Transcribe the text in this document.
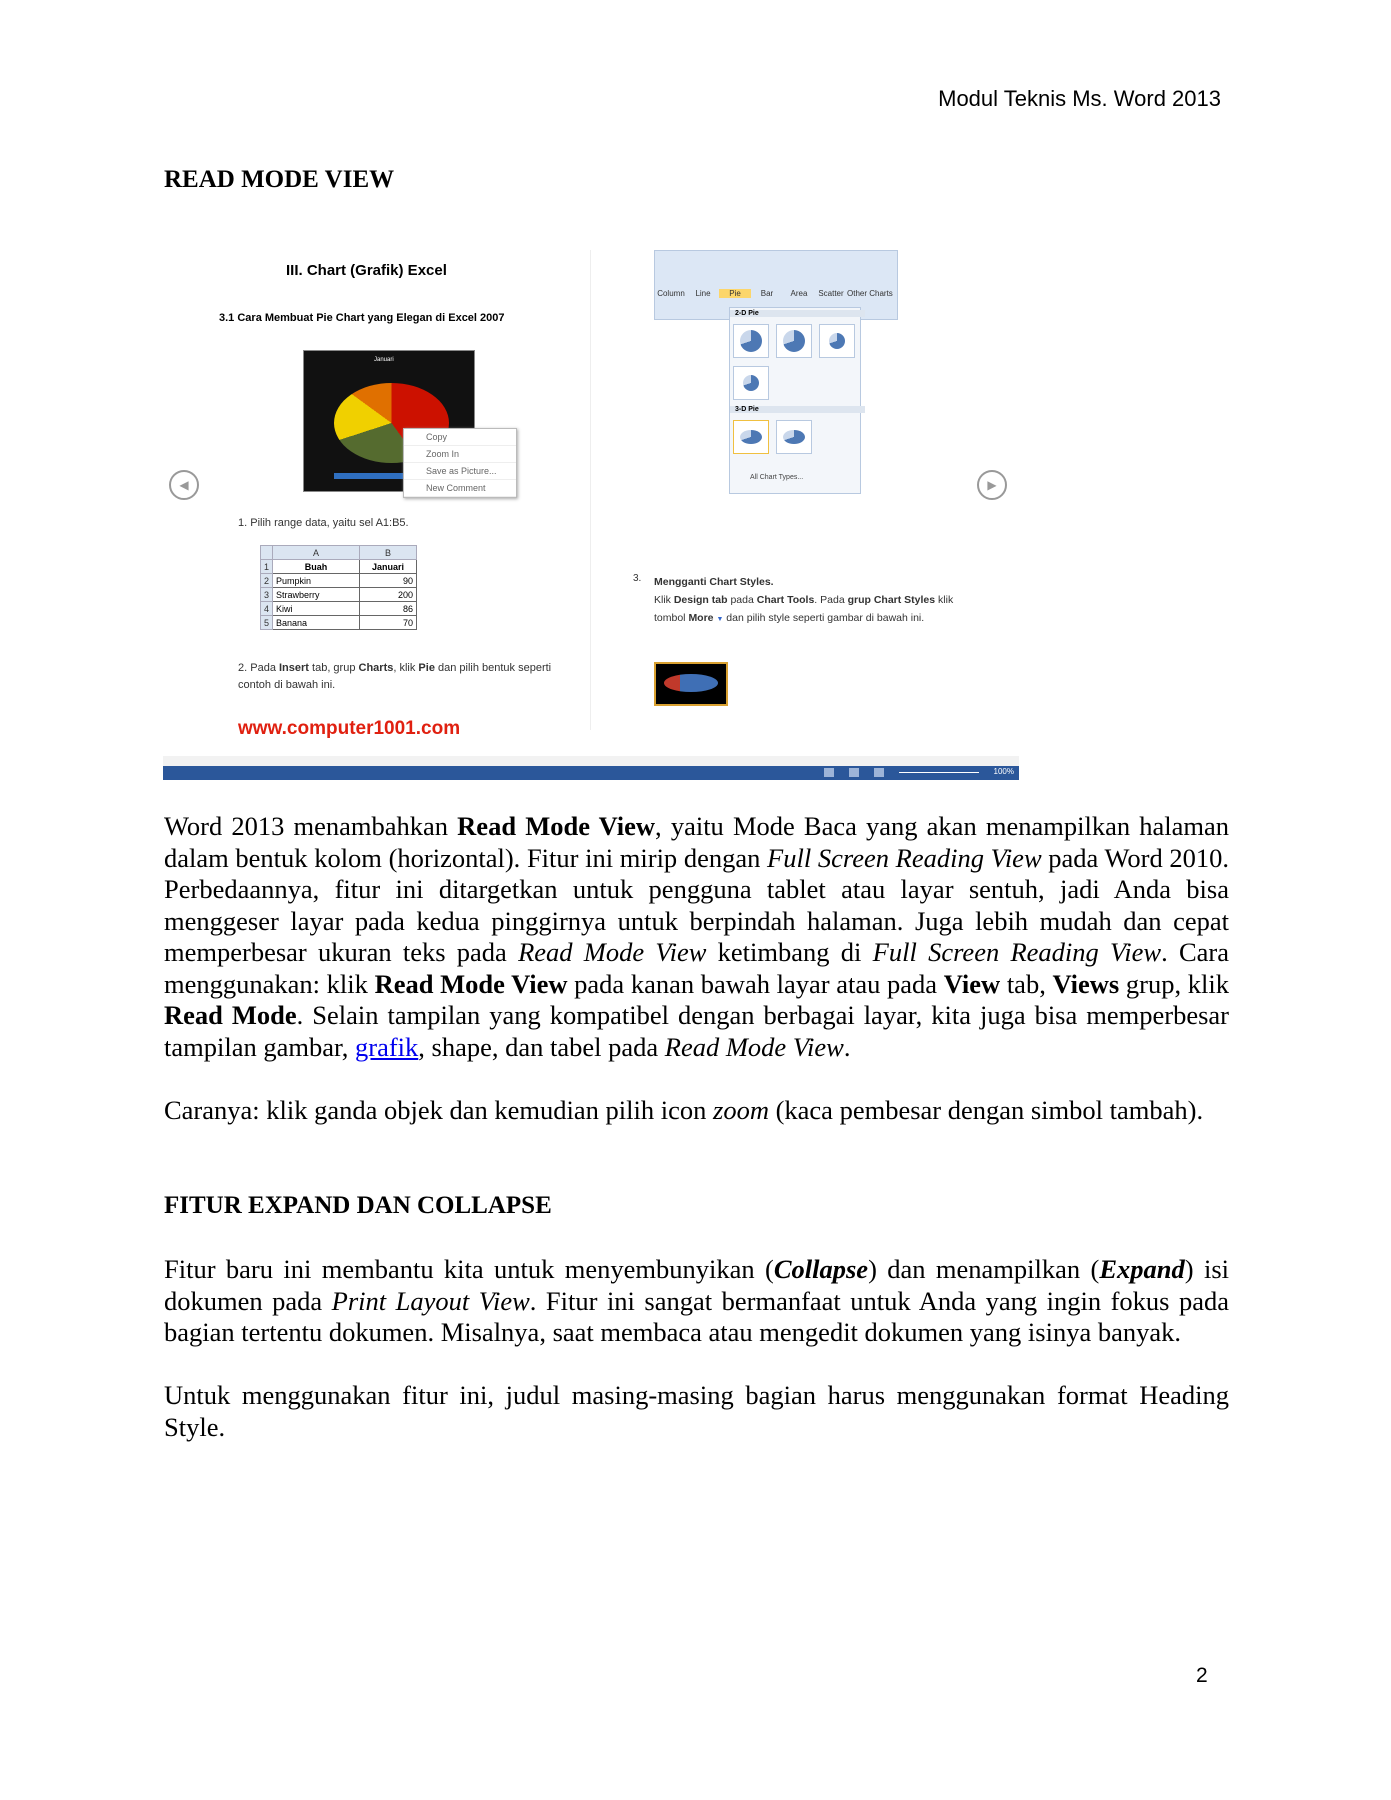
Modul Teknis Ms. Word 2013
READ MODE VIEW
III. Chart (Grafik) Excel
3.1 Cara Membuat Pie Chart yang Elegan di Excel 2007
Januari
Copy
Zoom In
Save as Picture...
New Comment
◀	▶
1. Pilih range data, yaitu sel A1:B5.
	A	B
1	Buah	Januari
2	Pumpkin	90
3	Strawberry	200
4	Kiwi	86
5	Banana	70
2. Pada Insert tab, grup Charts, klik Pie dan pilih bentuk seperti contoh di bawah ini.
www.computer1001.com
Column Line Pie Bar Area Scatter Other Charts
2-D Pie
3-D Pie
All Chart Types...
3. Mengganti Chart Styles.
Klik Design tab pada Chart Tools. Pada grup Chart Styles klik tombol More ▼ dan pilih style seperti gambar di bawah ini.
100%
Word 2013 menambahkan Read Mode View, yaitu Mode Baca yang akan menampilkan halaman dalam bentuk kolom (horizontal). Fitur ini mirip dengan Full Screen Reading View pada Word 2010. Perbedaannya, fitur ini ditargetkan untuk pengguna tablet atau layar sentuh, jadi Anda bisa menggeser layar pada kedua pinggirnya untuk berpindah halaman. Juga lebih mudah dan cepat memperbesar ukuran teks pada Read Mode View ketimbang di Full Screen Reading View. Cara menggunakan: klik Read Mode View pada kanan bawah layar atau pada View tab, Views grup, klik Read Mode. Selain tampilan yang kompatibel dengan berbagai layar, kita juga bisa memperbesar tampilan gambar, grafik, shape, dan tabel pada Read Mode View.
Caranya: klik ganda objek dan kemudian pilih icon zoom (kaca pembesar dengan simbol tambah).
FITUR EXPAND DAN COLLAPSE
Fitur baru ini membantu kita untuk menyembunyikan (Collapse) dan menampilkan (Expand) isi dokumen pada Print Layout View. Fitur ini sangat bermanfaat untuk Anda yang ingin fokus pada bagian tertentu dokumen. Misalnya, saat membaca atau mengedit dokumen yang isinya banyak.
Untuk menggunakan fitur ini, judul masing-masing bagian harus menggunakan format Heading Style.
2
